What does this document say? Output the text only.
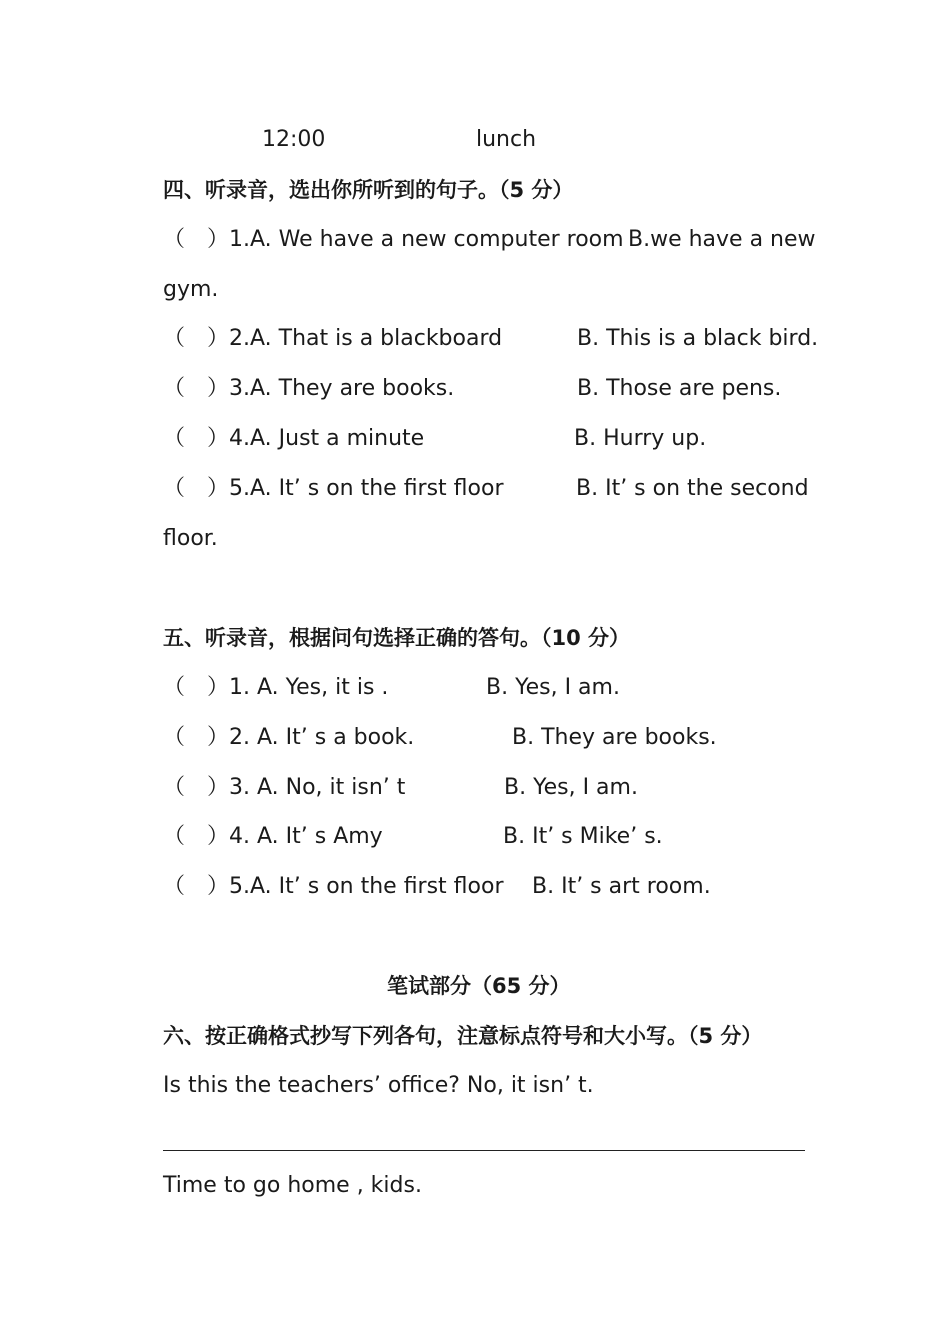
12:00	lunch
四、听录音，选出你所听到的句子。（5 分）
（　）1.A. We have a new computer room B.we have a new
gym.
（　）2.A. That is a blackboard	B. This is a black bird.
（　）3.A. They are books.	B. Those are pens.
（　）4.A. Just a minute	B. Hurry up.
（　）5.A. It’ s on the first floor	B. It’ s on the second
floor.
五、听录音，根据问句选择正确的答句。（10 分）
（　）1. A. Yes, it is .	B. Yes, I am.
（　）2. A. It’ s a book.	B. They are books.
（　）3. A. No, it isn’ t	B. Yes, I am.
（　）4. A. It’ s Amy	B. It’ s Mike’ s.
（　）5.A. It’ s on the first floor B. It’ s art room.
笔试部分（65 分）
六、按正确格式抄写下列各句，注意标点符号和大小写。（5 分）
Is this the teachers’ office? No, it isn’ t.
Time to go home , kids.
